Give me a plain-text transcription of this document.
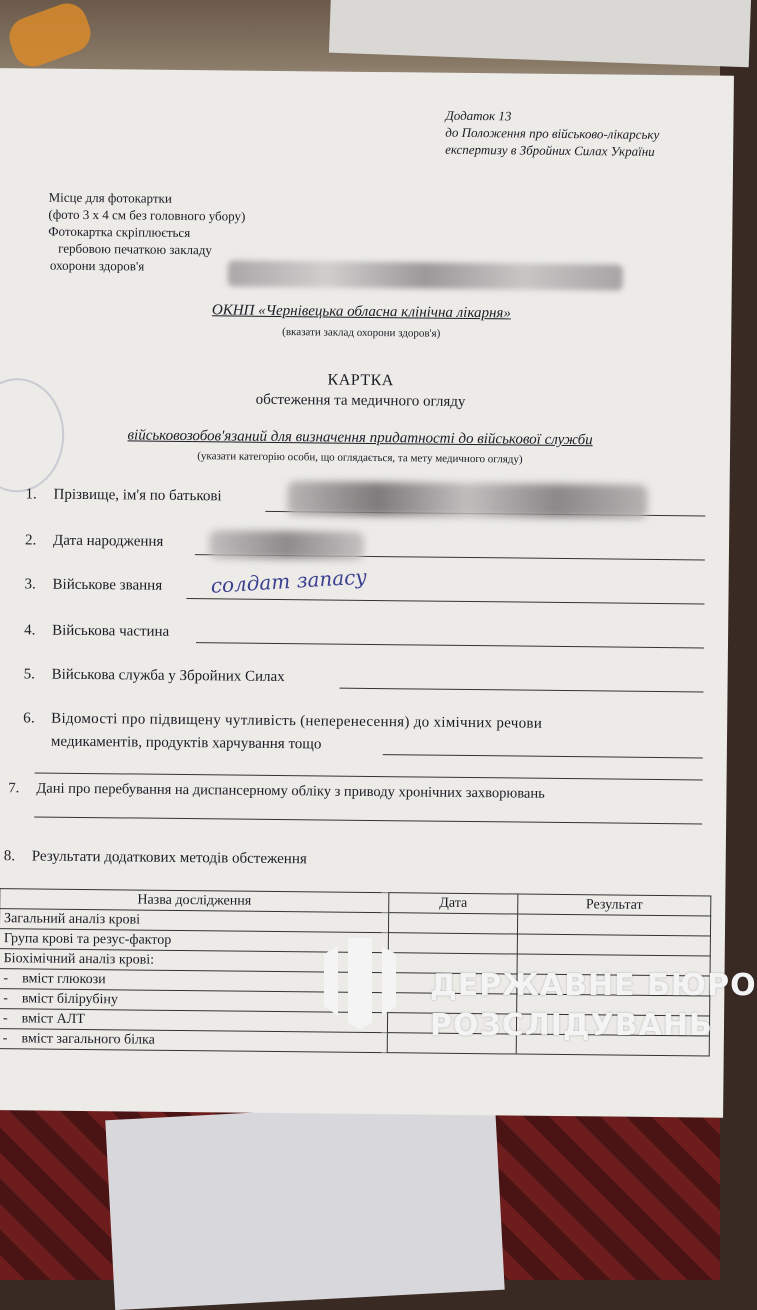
Додаток 13
до Положення про військово-лікарську
експертизу в Збройних Силах України
Місце для фотокартки
(фото 3 х 4 см без головного убору)
Фотокартка скріплюється
гербовою печаткою закладу
охорони здоров'я
ОКНП «Чернівецька обласна клінічна лікарня»
(вказати заклад охорони здоров'я)
КАРТКА
обстеження та медичного огляду
військовозобов'язаний для визначення придатності до військової служби
(указати категорію особи, що оглядається, та мету медичного огляду)
1. Прізвище, ім'я по батькові
2. Дата народження
3. Військове звання солдат запасу
4. Військова частина
5. Військова служба у Збройних Силах
6. Відомості про підвищену чутливість (неперенесення) до хімічних речови
медикаментів, продуктів харчування тощо
7. Дані про перебування на диспансерному обліку з приводу хронічних захворювань
8. Результати додаткових методів обстеження
Назва дослідження	Дата	Результат
Загальний аналіз крові		
Група крові та резус-фактор		
Біохімічний аналіз крові:		
-    вміст глюкози		
-    вміст білірубіну		
-    вміст АЛТ		
-    вміст загального білка		
ДЕРЖАВНЕ БЮРО
РОЗСЛІДУВАНЬ
